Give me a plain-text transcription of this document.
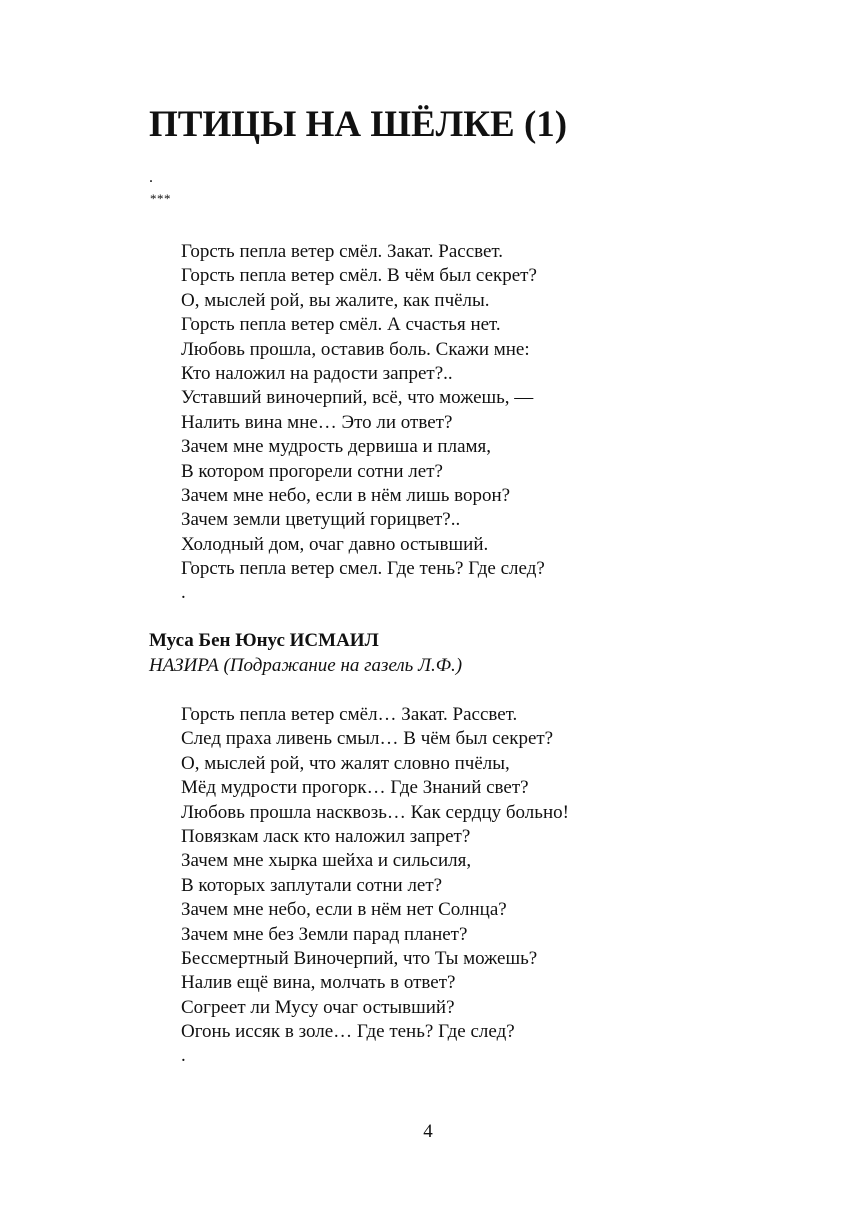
ПТИЦЫ НА ШЁЛКЕ (1)
.
***
Горсть пепла ветер смёл. Закат. Рассвет.
Горсть пепла ветер смёл. В чём был секрет?
О, мыслей рой, вы жалите, как пчёлы.
Горсть пепла ветер смёл. А счастья нет.
Любовь прошла, оставив боль. Скажи мне:
Кто наложил на радости запрет?..
Уставший виночерпий, всё, что можешь, —
Налить вина мне… Это ли ответ?
Зачем мне мудрость дервиша и пламя,
В котором прогорели сотни лет?
Зачем мне небо, если в нём лишь ворон?
Зачем земли цветущий горицвет?..
Холодный дом, очаг давно остывший.
Горсть пепла ветер смел. Где тень? Где след?
.
Муса Бен Юнус ИСМАИЛ
НАЗИРА (Подражание на газель Л.Ф.)
Горсть пепла ветер смёл… Закат. Рассвет.
След праха ливень смыл… В чём был секрет?
О, мыслей рой, что жалят словно пчёлы,
Мёд мудрости прогорк… Где Знаний свет?
Любовь прошла насквозь… Как сердцу больно!
Повязкам ласк кто наложил запрет?
Зачем мне хырка шейха и сильсиля,
В которых заплутали сотни лет?
Зачем мне небо, если в нём нет Солнца?
Зачем мне без Земли парад планет?
Бессмертный Виночерпий, что Ты можешь?
Налив ещё вина, молчать в ответ?
Согреет ли Мусу очаг остывший?
Огонь иссяк в золе… Где тень? Где след?
.
4
